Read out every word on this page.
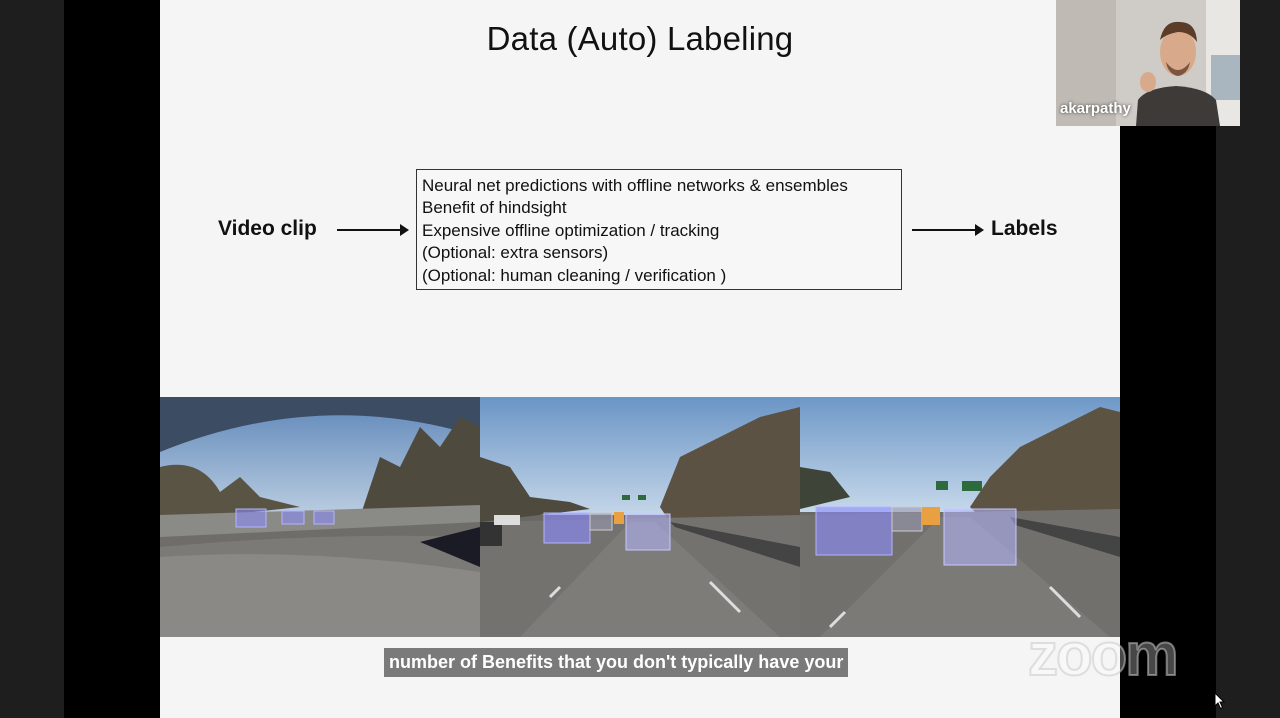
Data (Auto) Labeling
Video clip
Neural net predictions with offline networks & ensembles
Benefit of hindsight
Expensive offline optimization / tracking
(Optional: extra sensors)
(Optional: human cleaning / verification )
Labels
number of Benefits that you don't typically have your
akarpathy
zoom
